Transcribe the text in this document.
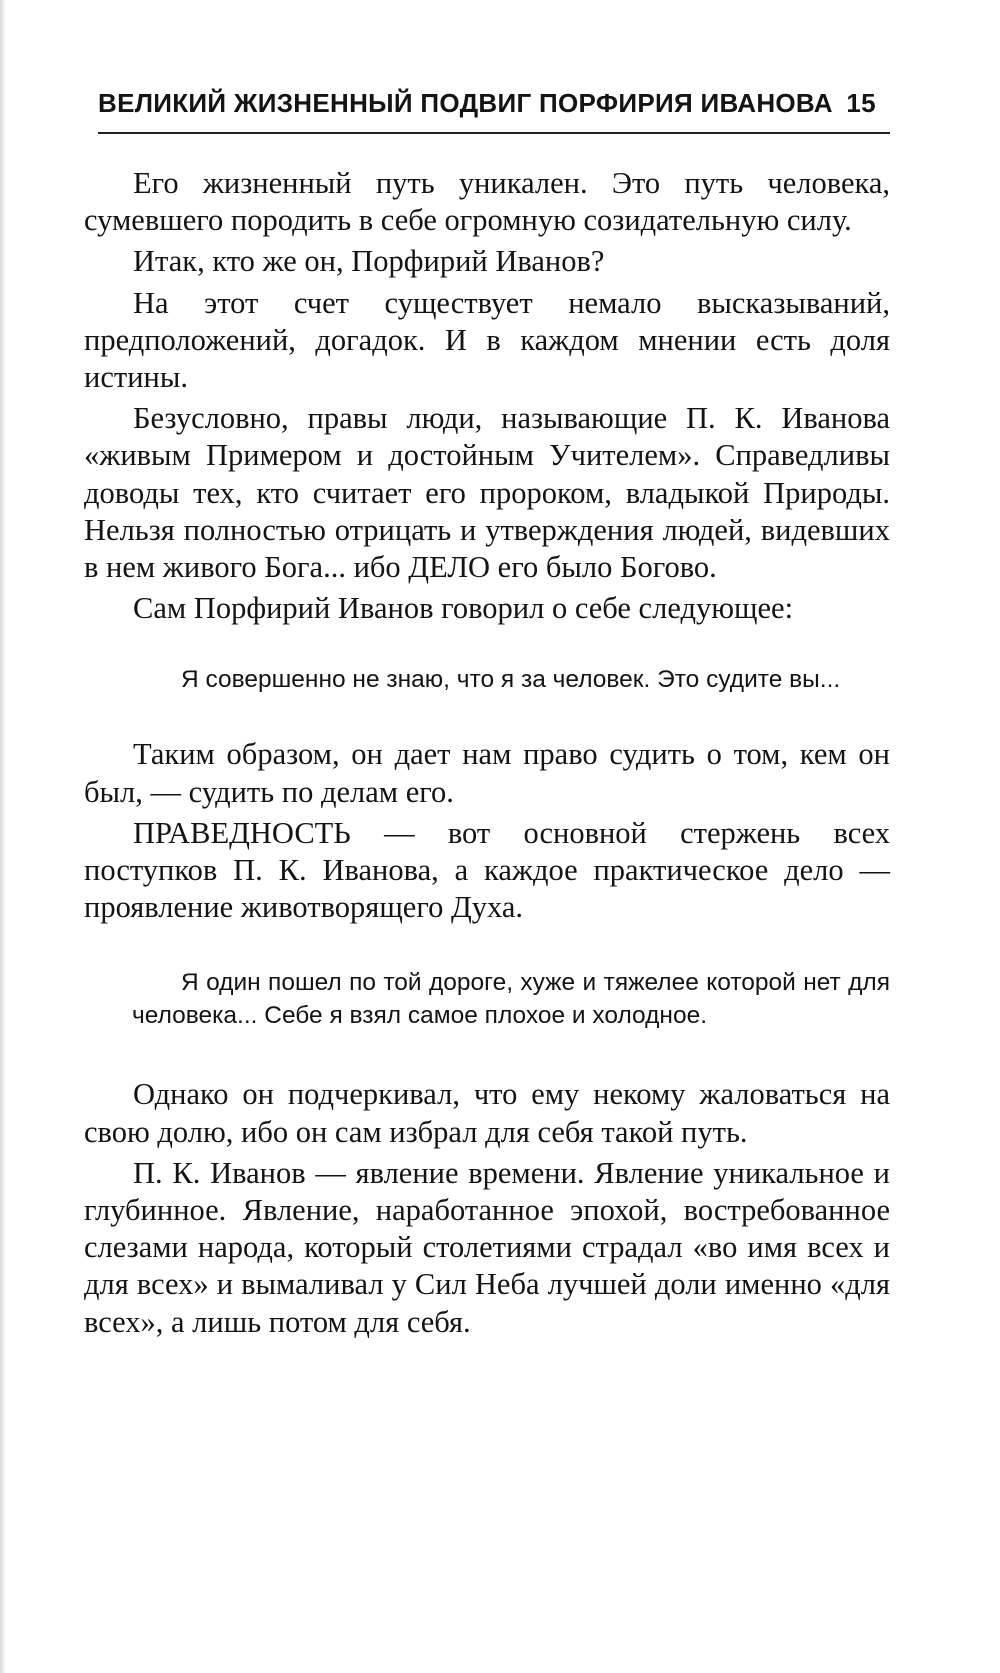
ВЕЛИКИЙ ЖИЗНЕННЫЙ ПОДВИГ ПОРФИРИЯ ИВАНОВА 15

Его жизненный путь уникален. Это путь человека, сумевшего породить в себе огромную созидательную силу.

Итак, кто же он, Порфирий Иванов?

На этот счет существует немало высказываний, предположений, догадок. И в каждом мнении есть доля истины.

Безусловно, правы люди, называющие П. К. Иванова «живым Примером и достойным Учителем». Справедливы доводы тех, кто считает его пророком, владыкой Природы. Нельзя полностью отрицать и утверждения людей, видевших в нем живого Бога... ибо ДЕЛО его было Богово.

Сам Порфирий Иванов говорил о себе следующее:

Я совершенно не знаю, что я за человек. Это судите вы...

Таким образом, он дает нам право судить о том, кем он был, — судить по делам его.

ПРАВЕДНОСТЬ — вот основной стержень всех поступков П. К. Иванова, а каждое практическое дело — проявление животворящего Духа.

Я один пошел по той дороге, хуже и тяжелее которой нет для человека... Себе я взял самое плохое и холодное.

Однако он подчеркивал, что ему некому жаловаться на свою долю, ибо он сам избрал для себя такой путь.

П. К. Иванов — явление времени. Явление уникальное и глубинное. Явление, наработанное эпохой, востребованное слезами народа, который столетиями страдал «во имя всех и для всех» и вымаливал у Сил Неба лучшей доли именно «для всех», а лишь потом для себя.
